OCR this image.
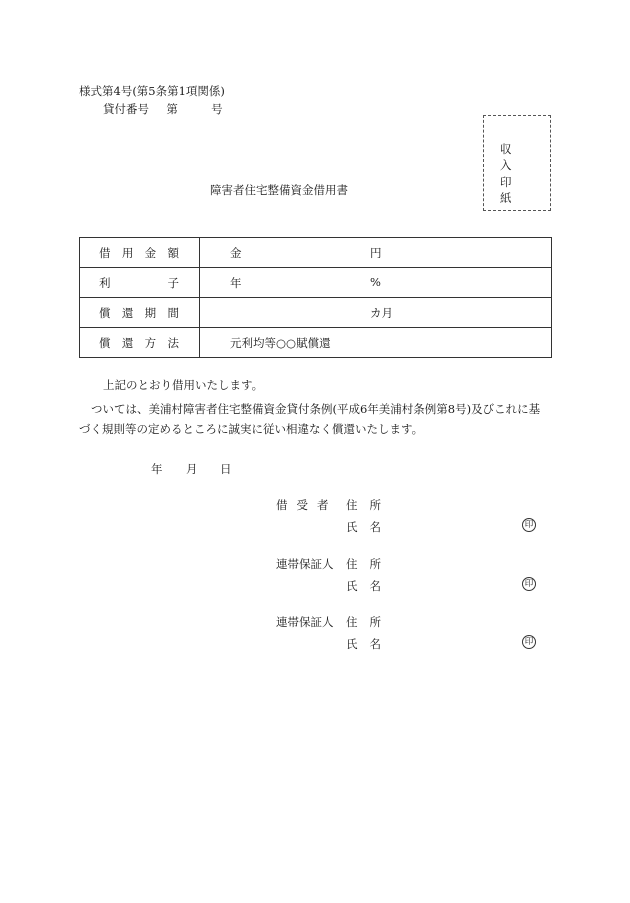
様式第4号(第5条第1項関係)
貸付番号 第	号
収入
印紙
障害者住宅整備資金借用書
借 用 金 額	金 円

利 子	年 %

償 還 期 間	カ月

償 還 方 法	元利均等○○賦償還
上記のとおり借用いたします。
ついては、美浦村障害者住宅整備資金貸付条例(平成6年美浦村条例第8号)及びこれに基
づく規則等の定めるところに誠実に従い相違なく償還いたします。
年 月 日
借受者 住所
氏名	印
連帯保証人 住所
氏名	印
連帯保証人 住所
氏名	印
